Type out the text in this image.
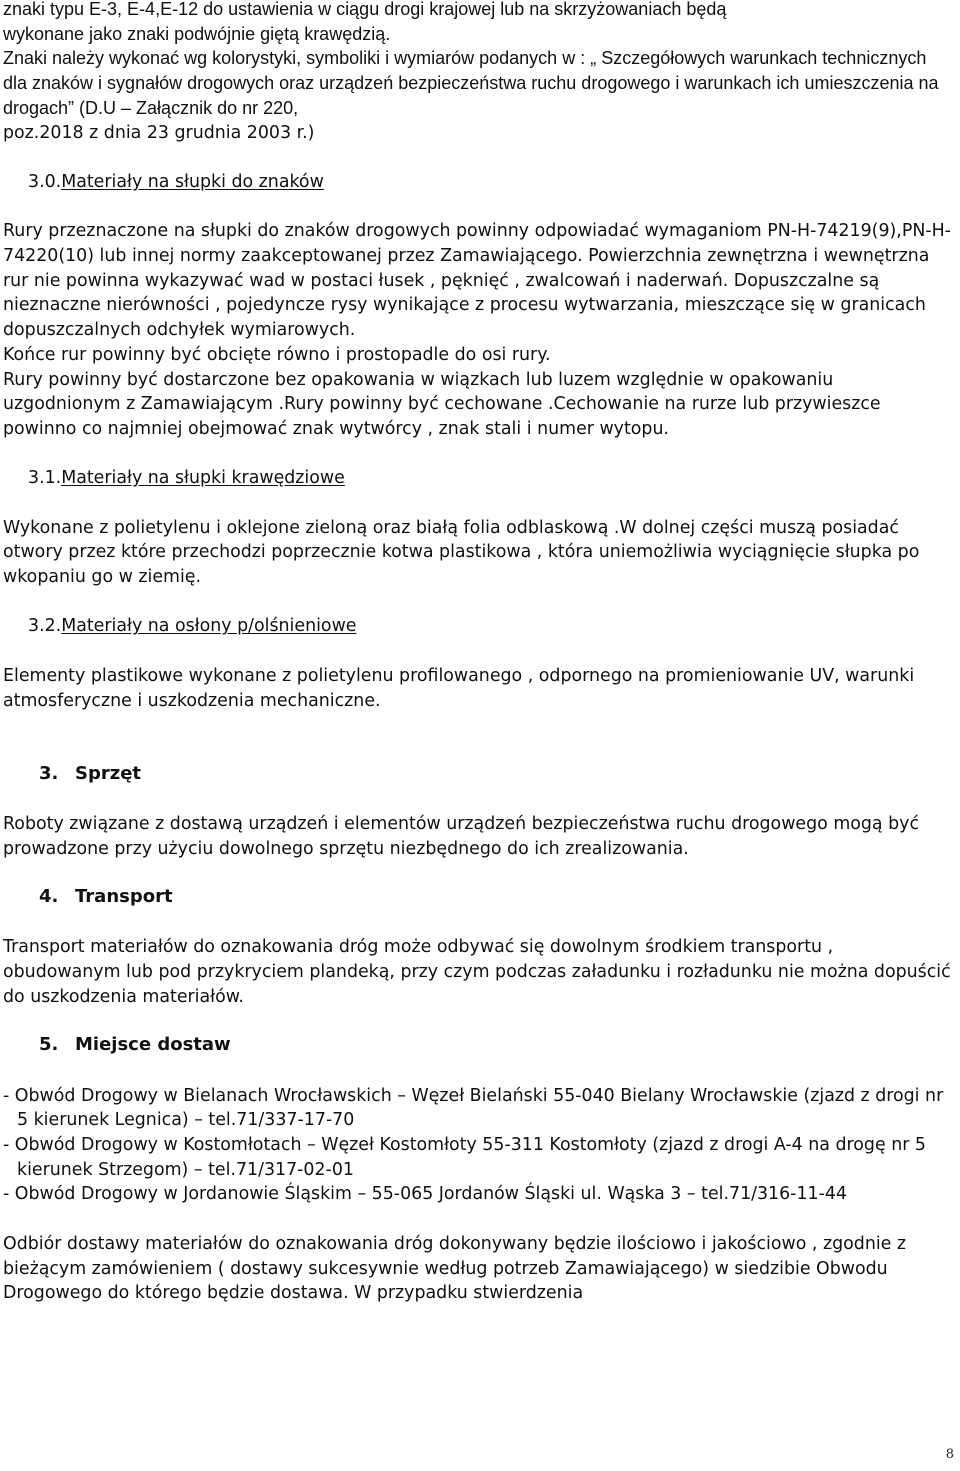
znaki typu E-3, E-4,E-12 do ustawienia w ciągu drogi krajowej lub na skrzyżowaniach będą

wykonane jako znaki podwójnie giętą krawędzią.

Znaki należy wykonać wg kolorystyki, symboliki i wymiarów podanych w : „ Szczegółowych warunkach technicznych dla znaków i sygnałów drogowych oraz urządzeń bezpieczeństwa ruchu drogowego i warunkach ich umieszczenia na drogach” (D.U – Załącznik do nr 220,

poz.2018 z dnia 23 grudnia 2003 r.)

3.0.Materiały na słupki do znaków

Rury przeznaczone na słupki do znaków drogowych powinny odpowiadać wymaganiom PN-H-74219(9),PN-H-74220(10) lub innej normy zaakceptowanej przez Zamawiającego. Powierzchnia zewnętrzna i wewnętrzna rur nie powinna wykazywać wad w postaci łusek , pęknięć , zwalcowań i naderwań. Dopuszczalne są nieznaczne nierówności , pojedyncze rysy wynikające z procesu wytwarzania, mieszczące się w granicach dopuszczalnych odchyłek wymiarowych.

Końce rur powinny być obcięte równo i prostopadle do osi rury.

Rury powinny być dostarczone bez opakowania w wiązkach lub luzem względnie w opakowaniu uzgodnionym z Zamawiającym .Rury powinny być cechowane .Cechowanie na rurze lub przywieszce powinno co najmniej obejmować znak wytwórcy , znak stali i numer wytopu.

3.1.Materiały na słupki krawędziowe

Wykonane z polietylenu i oklejone zieloną oraz białą folia odblaskową .W dolnej części muszą posiadać otwory przez które przechodzi poprzecznie kotwa plastikowa , która uniemożliwia wyciągnięcie słupka po wkopaniu go w ziemię.

3.2.Materiały na osłony p/olśnieniowe

Elementy plastikowe wykonane z polietylenu profilowanego , odpornego na promieniowanie UV, warunki atmosferyczne i uszkodzenia mechaniczne.

3. Sprzęt

Roboty związane z dostawą urządzeń i elementów urządzeń bezpieczeństwa ruchu drogowego mogą być prowadzone przy użyciu dowolnego sprzętu niezbędnego do ich zrealizowania.

4. Transport

Transport materiałów do oznakowania dróg może odbywać się dowolnym środkiem transportu , obudowanym lub pod przykryciem plandeką, przy czym podczas załadunku i rozładunku nie można dopuścić do uszkodzenia materiałów.

5. Miejsce dostaw

- Obwód Drogowy w Bielanach Wrocławskich – Węzeł Bielański 55-040 Bielany Wrocławskie (zjazd z drogi nr 5 kierunek Legnica) – tel.71/337-17-70

- Obwód Drogowy w Kostomłotach – Węzeł Kostomłoty 55-311 Kostomłoty (zjazd z drogi A-4 na drogę nr 5 kierunek Strzegom) – tel.71/317-02-01

- Obwód Drogowy w Jordanowie Śląskim – 55-065 Jordanów Śląski ul. Wąska 3 – tel.71/316-11-44

Odbiór dostawy materiałów do oznakowania dróg dokonywany będzie ilościowo i jakościowo , zgodnie z bieżącym zamówieniem ( dostawy sukcesywnie według potrzeb Zamawiającego) w siedzibie Obwodu Drogowego do którego będzie dostawa. W przypadku stwierdzenia

8
